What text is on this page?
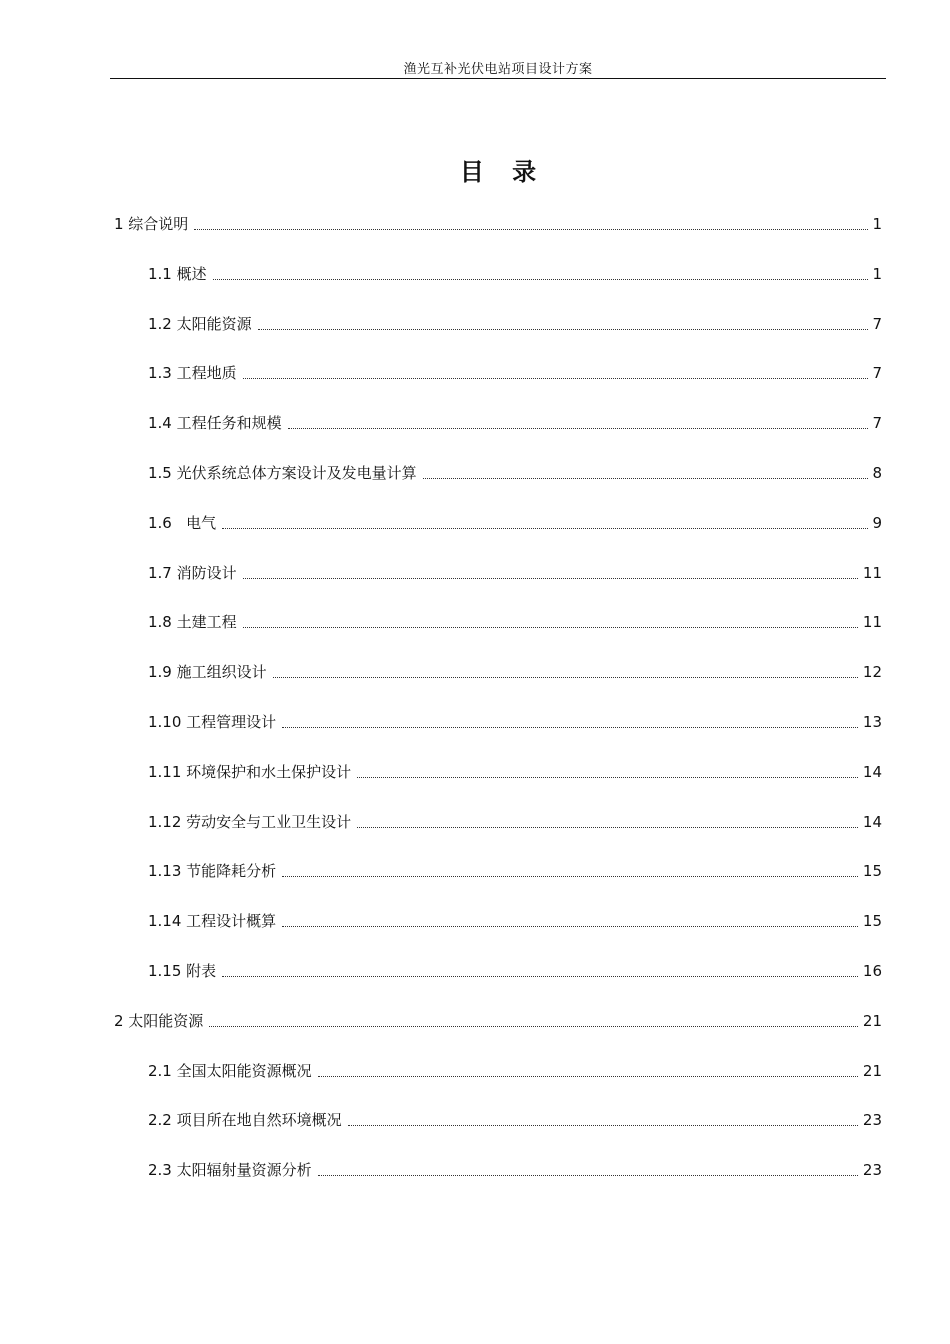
渔光互补光伏电站项目设计方案
目 录
1 综合说明	1
1.1 概述	1
1.2 太阳能资源	7
1.3 工程地质	7
1.4 工程任务和规模	7
1.5 光伏系统总体方案设计及发电量计算	8
1.6   电气	9
1.7 消防设计	11
1.8 土建工程	11
1.9 施工组织设计	12
1.10 工程管理设计	13
1.11 环境保护和水土保护设计	14
1.12 劳动安全与工业卫生设计	14
1.13 节能降耗分析	15
1.14 工程设计概算	15
1.15 附表	16
2 太阳能资源	21
2.1 全国太阳能资源概况	21
2.2 项目所在地自然环境概况	23
2.3 太阳辐射量资源分析	23
